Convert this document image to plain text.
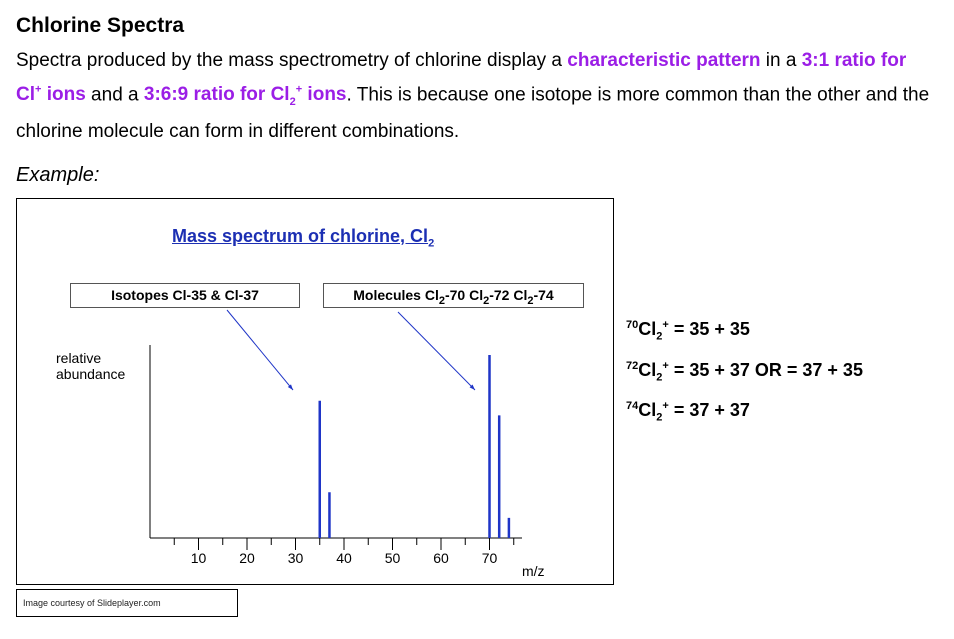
Chlorine Spectra
Spectra produced by the mass spectrometry of chlorine display a characteristic pattern in a 3:1 ratio for Cl+ ions and a 3:6:9 ratio for $Cl_2^+$ ions. This is because one isotope is more common than the other and the chlorine molecule can form in different combinations.
Example:
Mass spectrum of chlorine, $Cl_2$
Isotopes Cl-35 & Cl-37	Molecules $Cl_2-70$ $Cl_2-72$ $Cl_2-74$
relative
abundance
10 20 30 40 50 60 70
m/z
$^{70}Cl_2^+ = 35 + 35$
$^{72}Cl_2^+ = 35 + 37$ OR = 37 + 35
$^{74}Cl_2^+ = 37 + 37$
Image courtesy of Slideplayer.com
